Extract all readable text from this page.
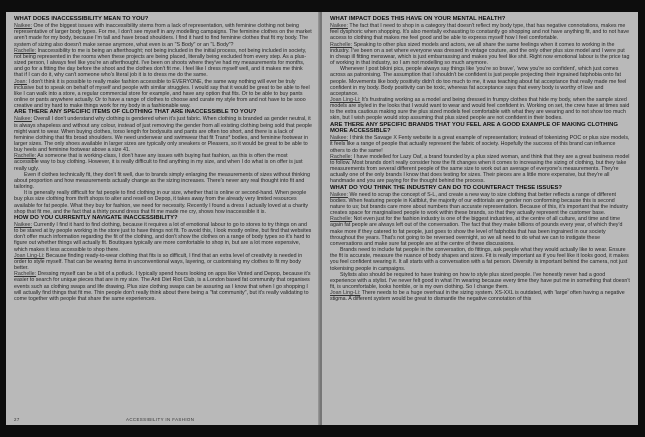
WHAT DOES INACCESSIBILITY MEAN TO YOU?

Naikee: One of the biggest issues with inaccessibility stems from a lack of representation, with feminine clothing not being representative of larger body types. For me, I don't see myself in any modelling campaigns. The feminine clothes on the market aren't made for my body, because I'm tall and have broad shoulders. I find it hard to find feminine clothes that fit my body. The system of sizing also doesn't make sense anymore, what even is an "S Body" or an "L Body"?

Rachelle: Inaccessibility to me is being an afterthought; not being included in the initial process, not being included in society, not being represented in the rooms when these projects are being placed, literally being excluded from every step. As a plus-sized person, I always feel like you're an afterthought. I've been on shoots where they've had my measurements for months, and go for a fitting the day before the shoot and the clothes don't fit me. I feel like I dress myself well, and it makes me think that if I can do it, why can't someone who's literal job it is to dress me do the same.

Joan: I don't think it is possible to really make fashion accessible to EVERYONE, the same way nothing will ever be truly inclusive but to speak on behalf of myself and people with similar struggles. I would say that it would be great to be able to feel like I can walk into a store, a regular commercial store for example, and have any option that fits. Or to be able to buy pants online or pants anywhere actually. Or to have a range of clothes to choose and curate my style from and not have to be sooo creative and try hard to make things work for my body in a fashionable way.

ARE THERE ANY SPECIFIC ITEMS OF CLOTHING THAT ARE INACCESSIBLE TO YOU?

Naikee: Overall I don't understand why clothing is gendered when it's just fabric. When clothing is branded as gender neutral, it is always shapeless and without any colour, instead of just removing the gender from all existing clothing being sold that people might want to wear. When buying clothes, torso length for bodysuits and pants are often too short, and there is a lack of feminine clothing that fits broad shoulders. We need underwear and swimwear that fit Trans* bodies, and feminine footwear in larger sizes. The only shoes available in larger sizes are typically only sneakers or Pleasers, so it would be great to be able to buy heels and feminine footwear above a size 41.

Rachelle: As someone that is working-class, I don't have any issues with buying fast fashion, as this is often the most accessible way to buy clothing. However, it is really difficult to find anything in my size, and when I do what is on offer is just really ugly.

Even if clothes technically fit, they don't fit well, due to brands simply enlarging the measurements of sizes without thinking about proportion and how measurements actually change as the sizing increases. There's never any real thought into fit and tailoring.

It is generally really difficult for fat people to find clothing in our size, whether that is online or second-hand. When people buy plus size clothing from thrift shops to alter and resell on Depop, it takes away from the already very limited resources available for fat people. What they buy for fashion, we need for necessity. Recently I found a dress I actually loved at a charity shop that fit me, and the fact that a thirty pound dress that fit me made me cry, shows how inaccessible it is.

HOW DO YOU CURRENTLY NAVIGATE INACCESSIBILITY?

Naikee: Currently I find it hard to find clothing, because it requires a lot of emotional labour to go to stores to try things on and to be stared at by people working in the store just to have things not fit. To avoid this, I look mostly online, but find that websites don't offer much information regarding the fit of the clothing, and don't show the clothes on a range of body types so it's hard to figure out whether things will actually fit. Boutiques typically are more comfortable to shop in, but are a lot more expensive, which makes it less accessible to shop there.

Joan Ling-Li: Because finding ready-to-wear clothing that fits is so difficult, I find that an extra level of creativity is needed in order to style myself. That can be wearing items in unconventional ways, layering, or customising my clothes to fit my body better.

Rachelle: Dressing myself can be a bit of a potluck. I typically spend hours looking on apps like Vinted and Depop, because it's easier to search for unique pieces that are in my size. The Anti Diet Riot Club, is a London based fat community that organises events such as clothing swaps and life drawing. Plus size clothing swaps can be assuring as I know that when I go shopping I will actually find things that fit me. Thin people don't really think about there being a "fat community", but it's really validating to come together with people that share the same experiences.

27	ACCESSIBILITY IN FASHION
WHAT IMPACT DOES THIS HAVE ON YOUR MENTAL HEALTH?

Naikee: The fact that I need to shop in a category that doesn't reflect my body type, that has negative connotations, makes me feel dysphoric when shopping. It's also mentally exhausting to constantly go shopping and not have anything fit, and to not have access to clothing that makes me feel good and be able to express myself how I feel comfortable.

Rachelle: Speaking to other plus sized models and actors, we all share the same feelings when it comes to working in the industry. I've been on a set where everyone was dressed in vintage couture, and the only other plus size model and I were put in cheap ill fitting menswear, which is just embarrassing and makes you feel like shit. Right now emotional labour is the price tag of working in that industry, so I am not modelling so much anymore.

Whenever I post bikini pics, people always say things like 'you're so brave', 'wow you're so confident', which just comes across as patronising. The assumption that I shouldn't be confident is just people projecting their ingrained fatphobia onto fat people. Movements like body positivity didn't do too much to me, it was teaching about fat acceptance that really made me feel confident in my body. Body positivity can be toxic, whereas fat acceptance says that every body is worthy of love and acceptance.

Joan Ling-Li: It's frustrating working as a model and being dressed in frumpy clothes that hide my body, when the sample sized models are styled in the looks that I would want to wear and would feel confident in. Working on set, the crew have at times said to the extra cautious making sure the plus sized models feel comfortable with what they are wearing and to not show too much skin, but I wish people would stop assuming that plus sized people are not confident in their bodies.

ARE THERE ANY SPECIFIC BRANDS THAT YOU FEEL ARE A GOOD EXAMPLE OF MAKING CLOTHING MORE ACCESSIBLE?

Naikee: I think the Savage X Fenty website is a great example of representation; instead of tokenizing POC or plus size models, it feels like a range of people that actually represent the fabric of society. Hopefully the success of this brand can influence others to do the same!

Rachelle: I have modelled for Lazy Oaf, a brand founded by a plus sized woman, and think that they are a great business model to follow. Most brands don't really consider how the fit changes when it comes to increasing the sizing of clothing, but they take measurements from several different people of the same size to work out an average of everyone's measurements. They're actually one of the only brands I know that does testing for sizes. Their pieces are a little more expensive, but they're all handmade and you are paying for the thought behind the process.

WHAT DO YOU THINK THE INDUSTRY CAN DO TO COUNTERACT THESE ISSUES?

Naikee: We need to scrap the concept of S-L, and create a new way to size clothing that better reflects a range of different bodies. When featuring people in Kaltblut, the majority of our editorials are gender non conforming because this is second nature to us; but brands care more about numbers than accurate representation. Because of this, it's important that the industry creates space for marginalised people to work within these brands, so that they actually represent the customer base.

Rachelle: Not even just for the fashion industry is one of the biggest industries, at the centre of all culture, and time and time again fat people are always left out of the conversation. The fact that they make billions of pounds every year, of which they'd make more if they catered to fat people, just goes to show the level of fatphobia that has been ingrained in our society throughout the years. That's not going to be reversed overnight, so we all need to do what we can to instigate these conversations and make sure fat people are at the centre of these discussions.

Brands need to include fat people in the conversation, do fittings, ask people what they would actually like to wear. Ensure the fit is accurate, measure the nuance of body shapes and sizes. Fit is really important as if you feel like it looks good, it makes you feel confident wearing it. It all starts with a conversation with a fat person. Diversity is important behind the camera, not just tokenising people in campaigns.

Stylists also should be required to have training on how to style plus sized people. I've honestly never had a good experience with a stylist. I've never felt good in what I'm wearing because every time they have put me in something that doesn't fit, is uncomfortable, looks horrible, or is my own clothing. So I change them.

Joan Ling-Li: There needs to be a huge overhaul in the sizing system. XS-XXL is outdated, with 'large' often having a negative stigma. A different system would be great to dismantle the negative connotation of this
